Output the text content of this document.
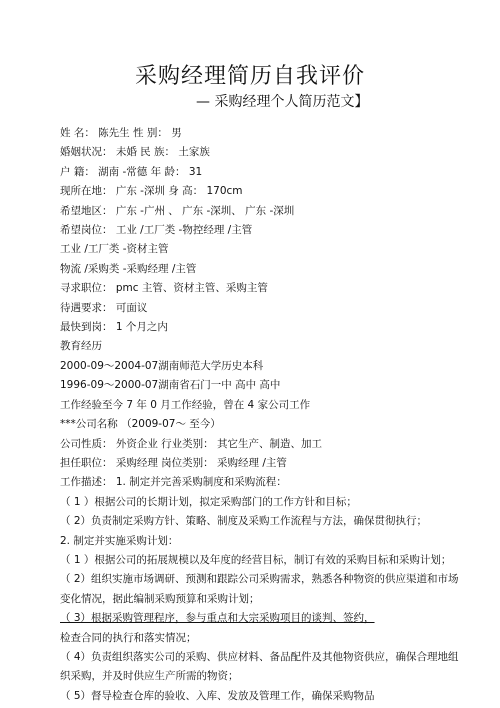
采购经理简历自我评价
— 采购经理个人简历范文】
姓 名： 陈先生 性 别： 男
婚姻状况： 未婚 民 族： 土家族
户 籍： 湖南 -常德 年 龄： 31
现所在地： 广东 -深圳 身 高： 170cm
希望地区： 广东 -广州 、 广东 -深圳、 广东 -深圳
希望岗位： 工业 /工厂类 -物控经理 /主管
工业 /工厂类 -资材主管
物流 /采购类 -采购经理 /主管
寻求职位： pmc 主管、资材主管、采购主管
待遇要求： 可面议
最快到岗： 1 个月之内
教育经历
2000-09～2004-07湖南师范大学历史本科
1996-09～2000-07湖南省石门一中 高中 高中
工作经验至今 7 年 0 月工作经验，曾在 4 家公司工作
***公司名称 （2009-07～ 至今）
公司性质： 外资企业 行业类别： 其它生产、制造、加工
担任职位： 采购经理 岗位类别： 采购经理 /主管
工作描述： 1. 制定并完善采购制度和采购流程：
（ 1 ）根据公司的长期计划，拟定采购部门的工作方针和目标；
（ 2）负责制定采购方针、策略、制度及采购工作流程与方法，确保贯彻执行；
2. 制定并实施采购计划：
（ 1 ）根据公司的拓展规模以及年度的经营目标，制订有效的采购目标和采购计划；
（ 2）组织实施市场调研、预测和跟踪公司采购需求，熟悉各种物资的供应渠道和市场变化情况，据此编制采购预算和采购计划；
（ 3）根据采购管理程序，参与重点和大宗采购项目的谈判、签约，
检查合同的执行和落实情况；
（ 4）负责组织落实公司的采购、供应材料、备品配件及其他物资供应，确保合理地组织采购，并及时供应生产所需的物资；
（ 5）督导检查仓库的验收、入库、发放及管理工作，确保采购物品
